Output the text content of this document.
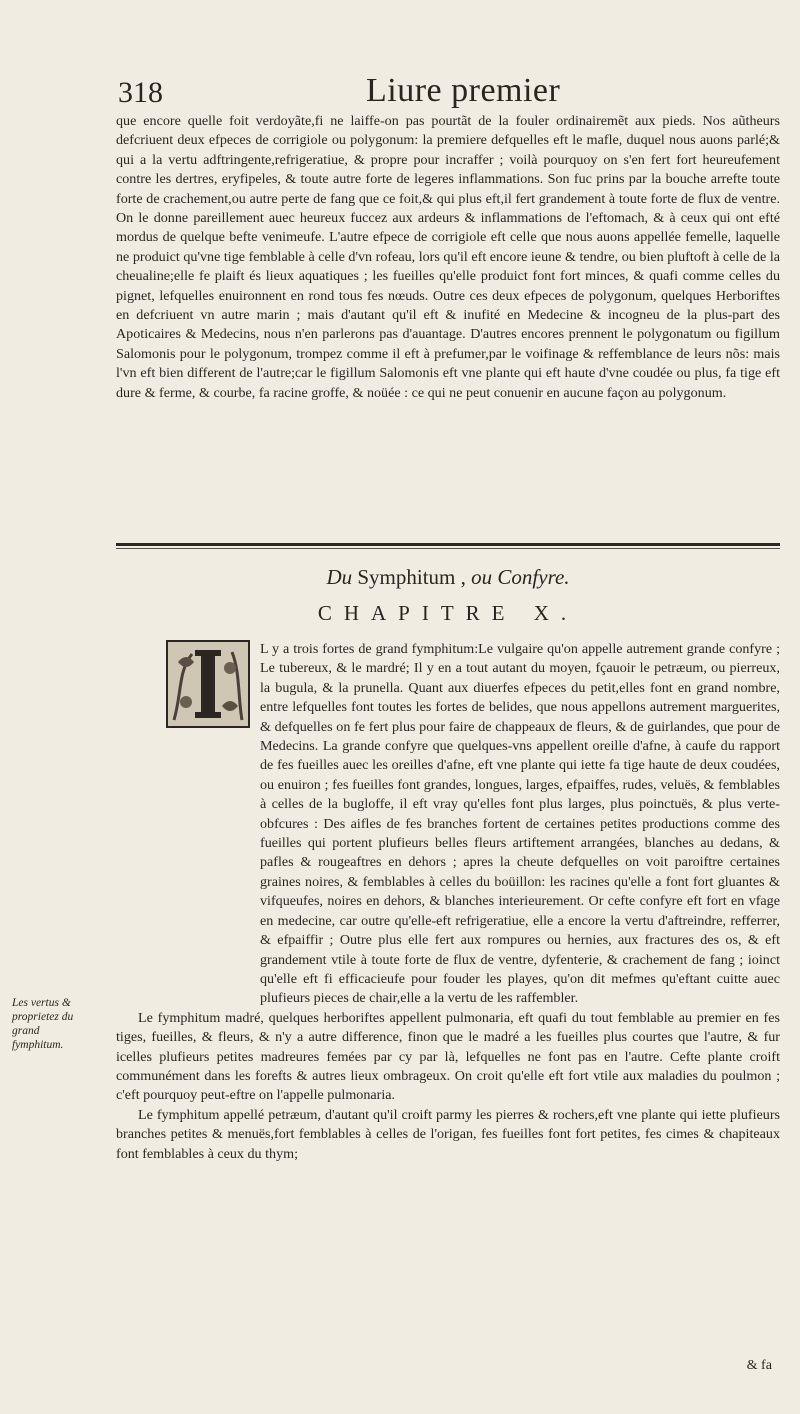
318	Liure premier

que encore quelle foit verdoyãte,fi ne laiffe-on pas pourtãt de la fouler ordinairemẽt aux pieds. Nos aũtheurs defcriuent deux efpeces de corrigiole ou polygonum: la premiere defquelles eft le mafle, duquel nous auons parlé;& qui a la vertu adftringente,refrigeratiue, & propre pour incraffer ; voilà pourquoy on s'en fert fort heureufement contre les dertres, eryfipeles, & toute autre forte de legeres inflammations. Son fuc prins par la bouche arrefte toute forte de crachement,ou autre perte de fang que ce foit,& qui plus eft,il fert grandement à toute forte de flux de ventre. On le donne pareillement auec heureux fuccez aux ardeurs & inflammations de l'eftomach, & à ceux qui ont efté mordus de quelque befte venimeufe. L'autre efpece de corrigiole eft celle que nous auons appellée femelle, laquelle ne produict qu'vne tige femblable à celle d'vn rofeau, lors qu'il eft encore ieune & tendre, ou bien pluftoft à celle de la cheualine;elle fe plaift és lieux aquatiques ; les fueilles qu'elle produict font fort minces, & quafi comme celles du pignet, lefquelles enuironnent en rond tous fes nœuds. Outre ces deux efpeces de polygonum, quelques Herboriftes en defcriuent vn autre marin ; mais d'autant qu'il eft & inufité en Medecine & incogneu de la plus-part des Apoticaires & Medecins, nous n'en parlerons pas d'auantage. D'autres encores prennent le polygonatum ou figillum Salomonis pour le polygonum, trompez comme il eft à prefumer,par le voifinage & reffemblance de leurs nõs: mais l'vn eft bien different de l'autre;car le figillum Salomonis eft vne plante qui eft haute d'vne coudée ou plus, fa tige eft dure & ferme, & courbe, fa racine groffe, & noüée : ce qui ne peut conuenir en aucune façon au polygonum.

Du Symphitum , ou Confyre.
CHAPITRE X.

L y a trois fortes de grand fymphitum:Le vulgaire qu'on appelle autrement grande confyre ; Le tubereux, & le mardré; Il y en a tout autant du moyen, fçauoir le petræum, ou pierreux, la bugula, & la prunella. Quant aux diuerfes efpeces du petit,elles font en grand nombre, entre lefquelles font toutes les fortes de belides, que nous appellons autrement marguerites, & defquelles on fe fert plus pour faire de chappeaux de fleurs, & de guirlandes, que pour de Medecins. La grande confyre que quelques-vns appellent oreille d'afne, à caufe du rapport de fes fueilles auec les oreilles d'afne, eft vne plante qui iette fa tige haute de deux coudées, ou enuiron ; fes fueilles font grandes, longues, larges, efpaiffes, rudes, veluës, & femblables à celles de la bugloffe, il eft vray qu'elles font plus larges, plus poinctuës, & plus verte-obfcures : Des aifles de fes branches fortent de certaines petites productions comme des fueilles qui portent plufieurs belles fleurs artiftement arrangées, blanches au dedans, & pafles & rougeaftres en dehors ; apres la cheute defquelles on voit paroiftre certaines graines noires, & femblables à celles du boüillon: les racines qu'elle a font fort gluantes & vifqueufes, noires en dehors, & blanches interieurement. Or cefte confyre eft fort en vfage en medecine, car outre qu'elle-eft refrigeratiue, elle a encore la vertu d'aftreindre, refferrer, & efpaiffir ; Outre plus elle fert aux rompures ou hernies, aux fractures des os, & eft grandement vtile à toute forte de flux de ventre, dyfenterie, & crachement de fang ; ioinct qu'elle eft fi efficacieufe pour fouder les playes, qu'on dit mefmes qu'eftant cuitte auec plufieurs pieces de chair,elle a la vertu de les raffembler.

Le fymphitum madré, quelques herboriftes appellent pulmonaria, eft quafi du tout femblable au premier en fes tiges, fueilles, & fleurs, & n'y a autre difference, finon que le madré a les fueilles plus courtes que l'autre, & fur icelles plufieurs petites madreures femées par cy par là, lefquelles ne font pas en l'autre. Cefte plante croift communément dans les forefts & autres lieux ombrageux. On croit qu'elle eft fort vtile aux maladies du poulmon ; c'eft pourquoy peut-eftre on l'appelle pulmonaria.

Le fymphitum appellé petræum, d'autant qu'il croift parmy les pierres & rochers,eft vne plante qui iette plufieurs branches petites & menuës,fort femblables à celles de l'origan, fes fueilles font fort petites, fes cimes & chapiteaux font femblables à ceux du thym;

Les vertus & proprietez du grand fymphitum.
& fa
